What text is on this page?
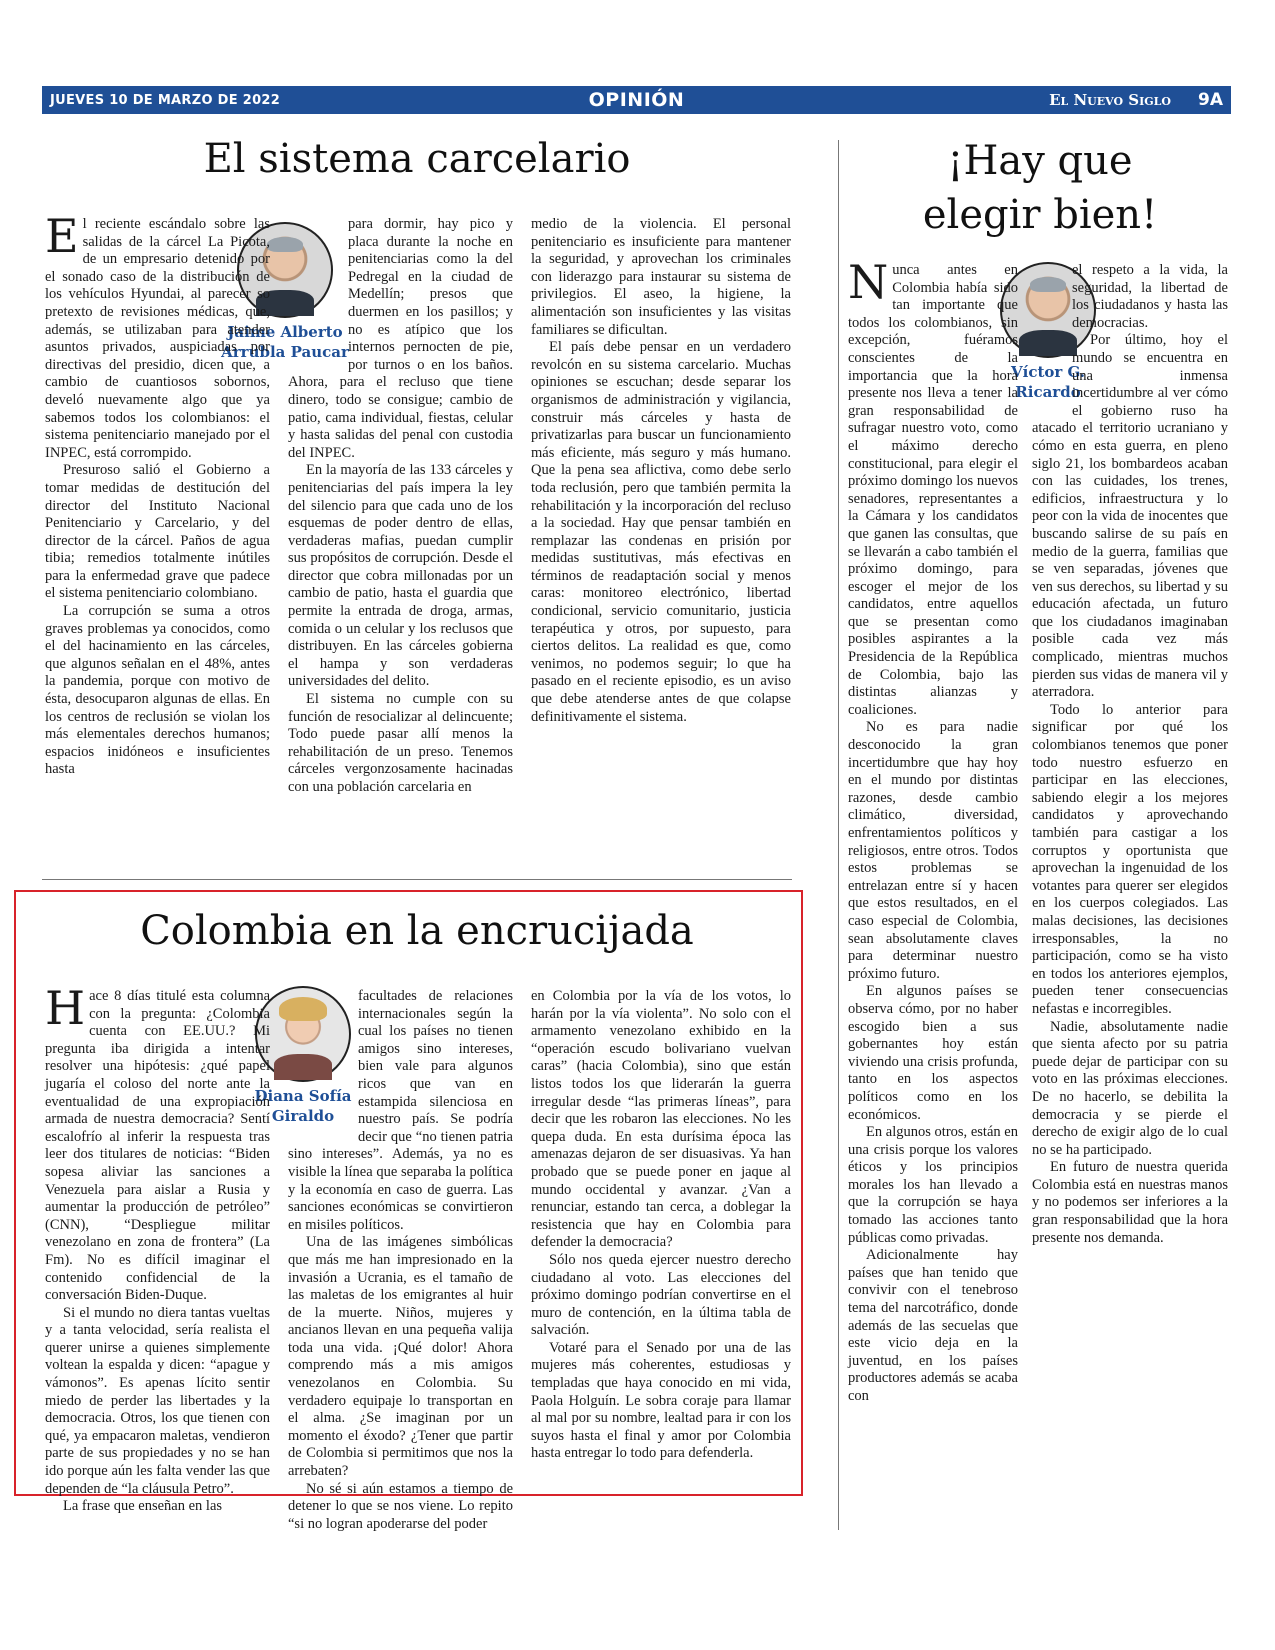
JUEVES 10 DE MARZO DE 2022	OPINIÓN	El Nuevo Siglo 9A
El sistema carcelario
Jaime Alberto
Arrubla Paucar

El reciente escándalo sobre las salidas de la cárcel La Picota, de un empresario detenido por el sonado caso de la distribución de los vehículos Hyundai, al parecer so pretexto de revisiones médicas, que, además, se utilizaban para atender asuntos privados, auspiciadas por directivas del presidio, dicen que, a cambio de cuantiosos sobornos, develó nuevamente algo que ya sabemos todos los colombianos: el sistema penitenciario manejado por el INPEC, está corrompido.

Presuroso salió el Gobierno a tomar medidas de destitución del director del Instituto Nacional Penitenciario y Carcelario, y del director de la cárcel. Paños de agua tibia; remedios totalmente inútiles para la enfermedad grave que padece el sistema penitenciario colombiano.

La corrupción se suma a otros graves problemas ya conocidos, como el del hacinamiento en las cárceles, que algunos señalan en el 48%, antes la pandemia, porque con motivo de ésta, desocuparon algunas de ellas. En los centros de reclusión se violan los más elementales derechos humanos; espacios inidóneos e insuficientes hasta

para dormir, hay pico y placa durante la noche en penitenciarias como la del Pedregal en la ciudad de Medellín; presos que duermen en los pasillos; y no es atípico que los internos pernocten de pie, por turnos o en los baños. Ahora, para el recluso que tiene dinero, todo se consigue; cambio de patio, cama individual, fiestas, celular y hasta salidas del penal con custodia del INPEC.

En la mayoría de las 133 cárceles y penitenciarias del país impera la ley del silencio para que cada uno de los esquemas de poder dentro de ellas, verdaderas mafias, puedan cumplir sus propósitos de corrupción. Desde el director que cobra millonadas por un cambio de patio, hasta el guardia que permite la entrada de droga, armas, comida o un celular y los reclusos que distribuyen. En las cárceles gobierna el hampa y son verdaderas universidades del delito.

El sistema no cumple con su función de resocializar al delincuente; Todo puede pasar allí menos la rehabilitación de un preso. Tenemos cárceles vergonzosamente hacinadas con una población carcelaria en

medio de la violencia. El personal penitenciario es insuficiente para mantener la seguridad, y aprovechan los criminales con liderazgo para instaurar su sistema de privilegios. El aseo, la higiene, la alimentación son insuficientes y las visitas familiares se dificultan.

El país debe pensar en un verdadero revolcón en su sistema carcelario. Muchas opiniones se escuchan; desde separar los organismos de administración y vigilancia, construir más cárceles y hasta de privatizarlas para buscar un funcionamiento más eficiente, más seguro y más humano. Que la pena sea aflictiva, como debe serlo toda reclusión, pero que también permita la rehabilitación y la incorporación del recluso a la sociedad. Hay que pensar también en remplazar las condenas en prisión por medidas sustitutivas, más efectivas en términos de readaptación social y menos caras: monitoreo electrónico, libertad condicional, servicio comunitario, justicia terapéutica y otros, por supuesto, para ciertos delitos. La realidad es que, como venimos, no podemos seguir; lo que ha pasado en el reciente episodio, es un aviso que debe atenderse antes de que colapse definitivamente el sistema.

Colombia en la encrucijada
Diana Sofía
Giraldo

Hace 8 días titulé esta columna con la pregunta: ¿Colombia cuenta con EE.UU.? Mi pregunta iba dirigida a intentar resolver una hipótesis: ¿qué papel jugaría el coloso del norte ante la eventualidad de una expropiación armada de nuestra democracia? Sentí escalofrío al inferir la respuesta tras leer dos titulares de noticias: “Biden sopesa aliviar las sanciones a Venezuela para aislar a Rusia y aumentar la producción de petróleo” (CNN), “Despliegue militar venezolano en zona de frontera” (La Fm). No es difícil imaginar el contenido confidencial de la conversación Biden-Duque.

Si el mundo no diera tantas vueltas y a tanta velocidad, sería realista el querer unirse a quienes simplemente voltean la espalda y dicen: “apague y vámonos”. Es apenas lícito sentir miedo de perder las libertades y la democracia. Otros, los que tienen con qué, ya empacaron maletas, vendieron parte de sus propiedades y no se han ido porque aún les falta vender las que dependen de “la cláusula Petro”.

La frase que enseñan en las

facultades de relaciones internacionales según la cual los países no tienen amigos sino intereses, bien vale para algunos ricos que van en estampida silenciosa en nuestro país. Se podría decir que “no tienen patria sino intereses”. Además, ya no es visible la línea que separaba la política y la economía en caso de guerra. Las sanciones económicas se convirtieron en misiles políticos.

Una de las imágenes simbólicas que más me han impresionado en la invasión a Ucrania, es el tamaño de las maletas de los emigrantes al huir de la muerte. Niños, mujeres y ancianos llevan en una pequeña valija toda una vida. ¡Qué dolor! Ahora comprendo más a mis amigos venezolanos en Colombia. Su verdadero equipaje lo transportan en el alma. ¿Se imaginan por un momento el éxodo? ¿Tener que partir de Colombia si permitimos que nos la arrebaten?

No sé si aún estamos a tiempo de detener lo que se nos viene. Lo repito “si no logran apoderarse del poder

en Colombia por la vía de los votos, lo harán por la vía violenta”. No solo con el armamento venezolano exhibido en la “operación escudo bolivariano vuelvan caras” (hacia Colombia), sino que están listos todos los que liderarán la guerra irregular desde “las primeras líneas”, para decir que les robaron las elecciones. No les quepa duda. En esta durísima época las amenazas dejaron de ser disuasivas. Ya han probado que se puede poner en jaque al mundo occidental y avanzar. ¿Van a renunciar, estando tan cerca, a doblegar la resistencia que hay en Colombia para defender la democracia?

Sólo nos queda ejercer nuestro derecho ciudadano al voto. Las elecciones del próximo domingo podrían convertirse en el muro de contención, en la última tabla de salvación.

Votaré para el Senado por una de las mujeres más coherentes, estudiosas y templadas que haya conocido en mi vida, Paola Holguín. Le sobra coraje para llamar al mal por su nombre, lealtad para ir con los suyos hasta el final y amor por Colombia hasta entregar lo todo para defenderla.

¡Hay que
elegir bien!
Víctor G.
Ricardo

Nunca antes en Colombia había sido tan importante que todos los colombianos, sin excepción, fuéramos conscientes de la importancia que la hora presente nos lleva a tener la gran responsabilidad de sufragar nuestro voto, como el máximo derecho constitucional, para elegir el próximo domingo los nuevos senadores, representantes a la Cámara y los candidatos que ganen las consultas, que se llevarán a cabo también el próximo domingo, para escoger el mejor de los candidatos, entre aquellos que se presentan como posibles aspirantes a la Presidencia de la República de Colombia, bajo las distintas alianzas y coaliciones.

No es para nadie desconocido la gran incertidumbre que hay hoy en el mundo por distintas razones, desde cambio climático, diversidad, enfrentamientos políticos y religiosos, entre otros. Todos estos problemas se entrelazan entre sí y hacen que estos resultados, en el caso especial de Colombia, sean absolutamente claves para determinar nuestro próximo futuro.

En algunos países se observa cómo, por no haber escogido bien a sus gobernantes hoy están viviendo una crisis profunda, tanto en los aspectos políticos como en los económicos.

En algunos otros, están en una crisis porque los valores éticos y los principios morales los han llevado a que la corrupción se haya tomado las acciones tanto públicas como privadas.

Adicionalmente hay países que han tenido que convivir con el tenebroso tema del narcotráfico, donde además de las secuelas que este vicio deja en la juventud, en los países productores además se acaba con

el respeto a la vida, la seguridad, la libertad de los ciudadanos y hasta las democracias.

Por último, hoy el mundo se encuentra en una inmensa incertidumbre al ver cómo el gobierno ruso ha atacado el territorio ucraniano y cómo en esta guerra, en pleno siglo 21, los bombardeos acaban con las cuidades, los trenes, edificios, infraestructura y lo peor con la vida de inocentes que buscando salirse de su país en medio de la guerra, familias que se ven separadas, jóvenes que ven sus derechos, su libertad y su educación afectada, un futuro que los ciudadanos imaginaban posible cada vez más complicado, mientras muchos pierden sus vidas de manera vil y aterradora.

Todo lo anterior para significar por qué los colombianos tenemos que poner todo nuestro esfuerzo en participar en las elecciones, sabiendo elegir a los mejores candidatos y aprovechando también para castigar a los corruptos y oportunista que aprovechan la ingenuidad de los votantes para querer ser elegidos en los cuerpos colegiados. Las malas decisiones, las decisiones irresponsables, la no participación, como se ha visto en todos los anteriores ejemplos, pueden tener consecuencias nefastas e incorregibles.

Nadie, absolutamente nadie que sienta afecto por su patria puede dejar de participar con su voto en las próximas elecciones. De no hacerlo, se debilita la democracia y se pierde el derecho de exigir algo de lo cual no se ha participado.

En futuro de nuestra querida Colombia está en nuestras manos y no podemos ser inferiores a la gran responsabilidad que la hora presente nos demanda.
